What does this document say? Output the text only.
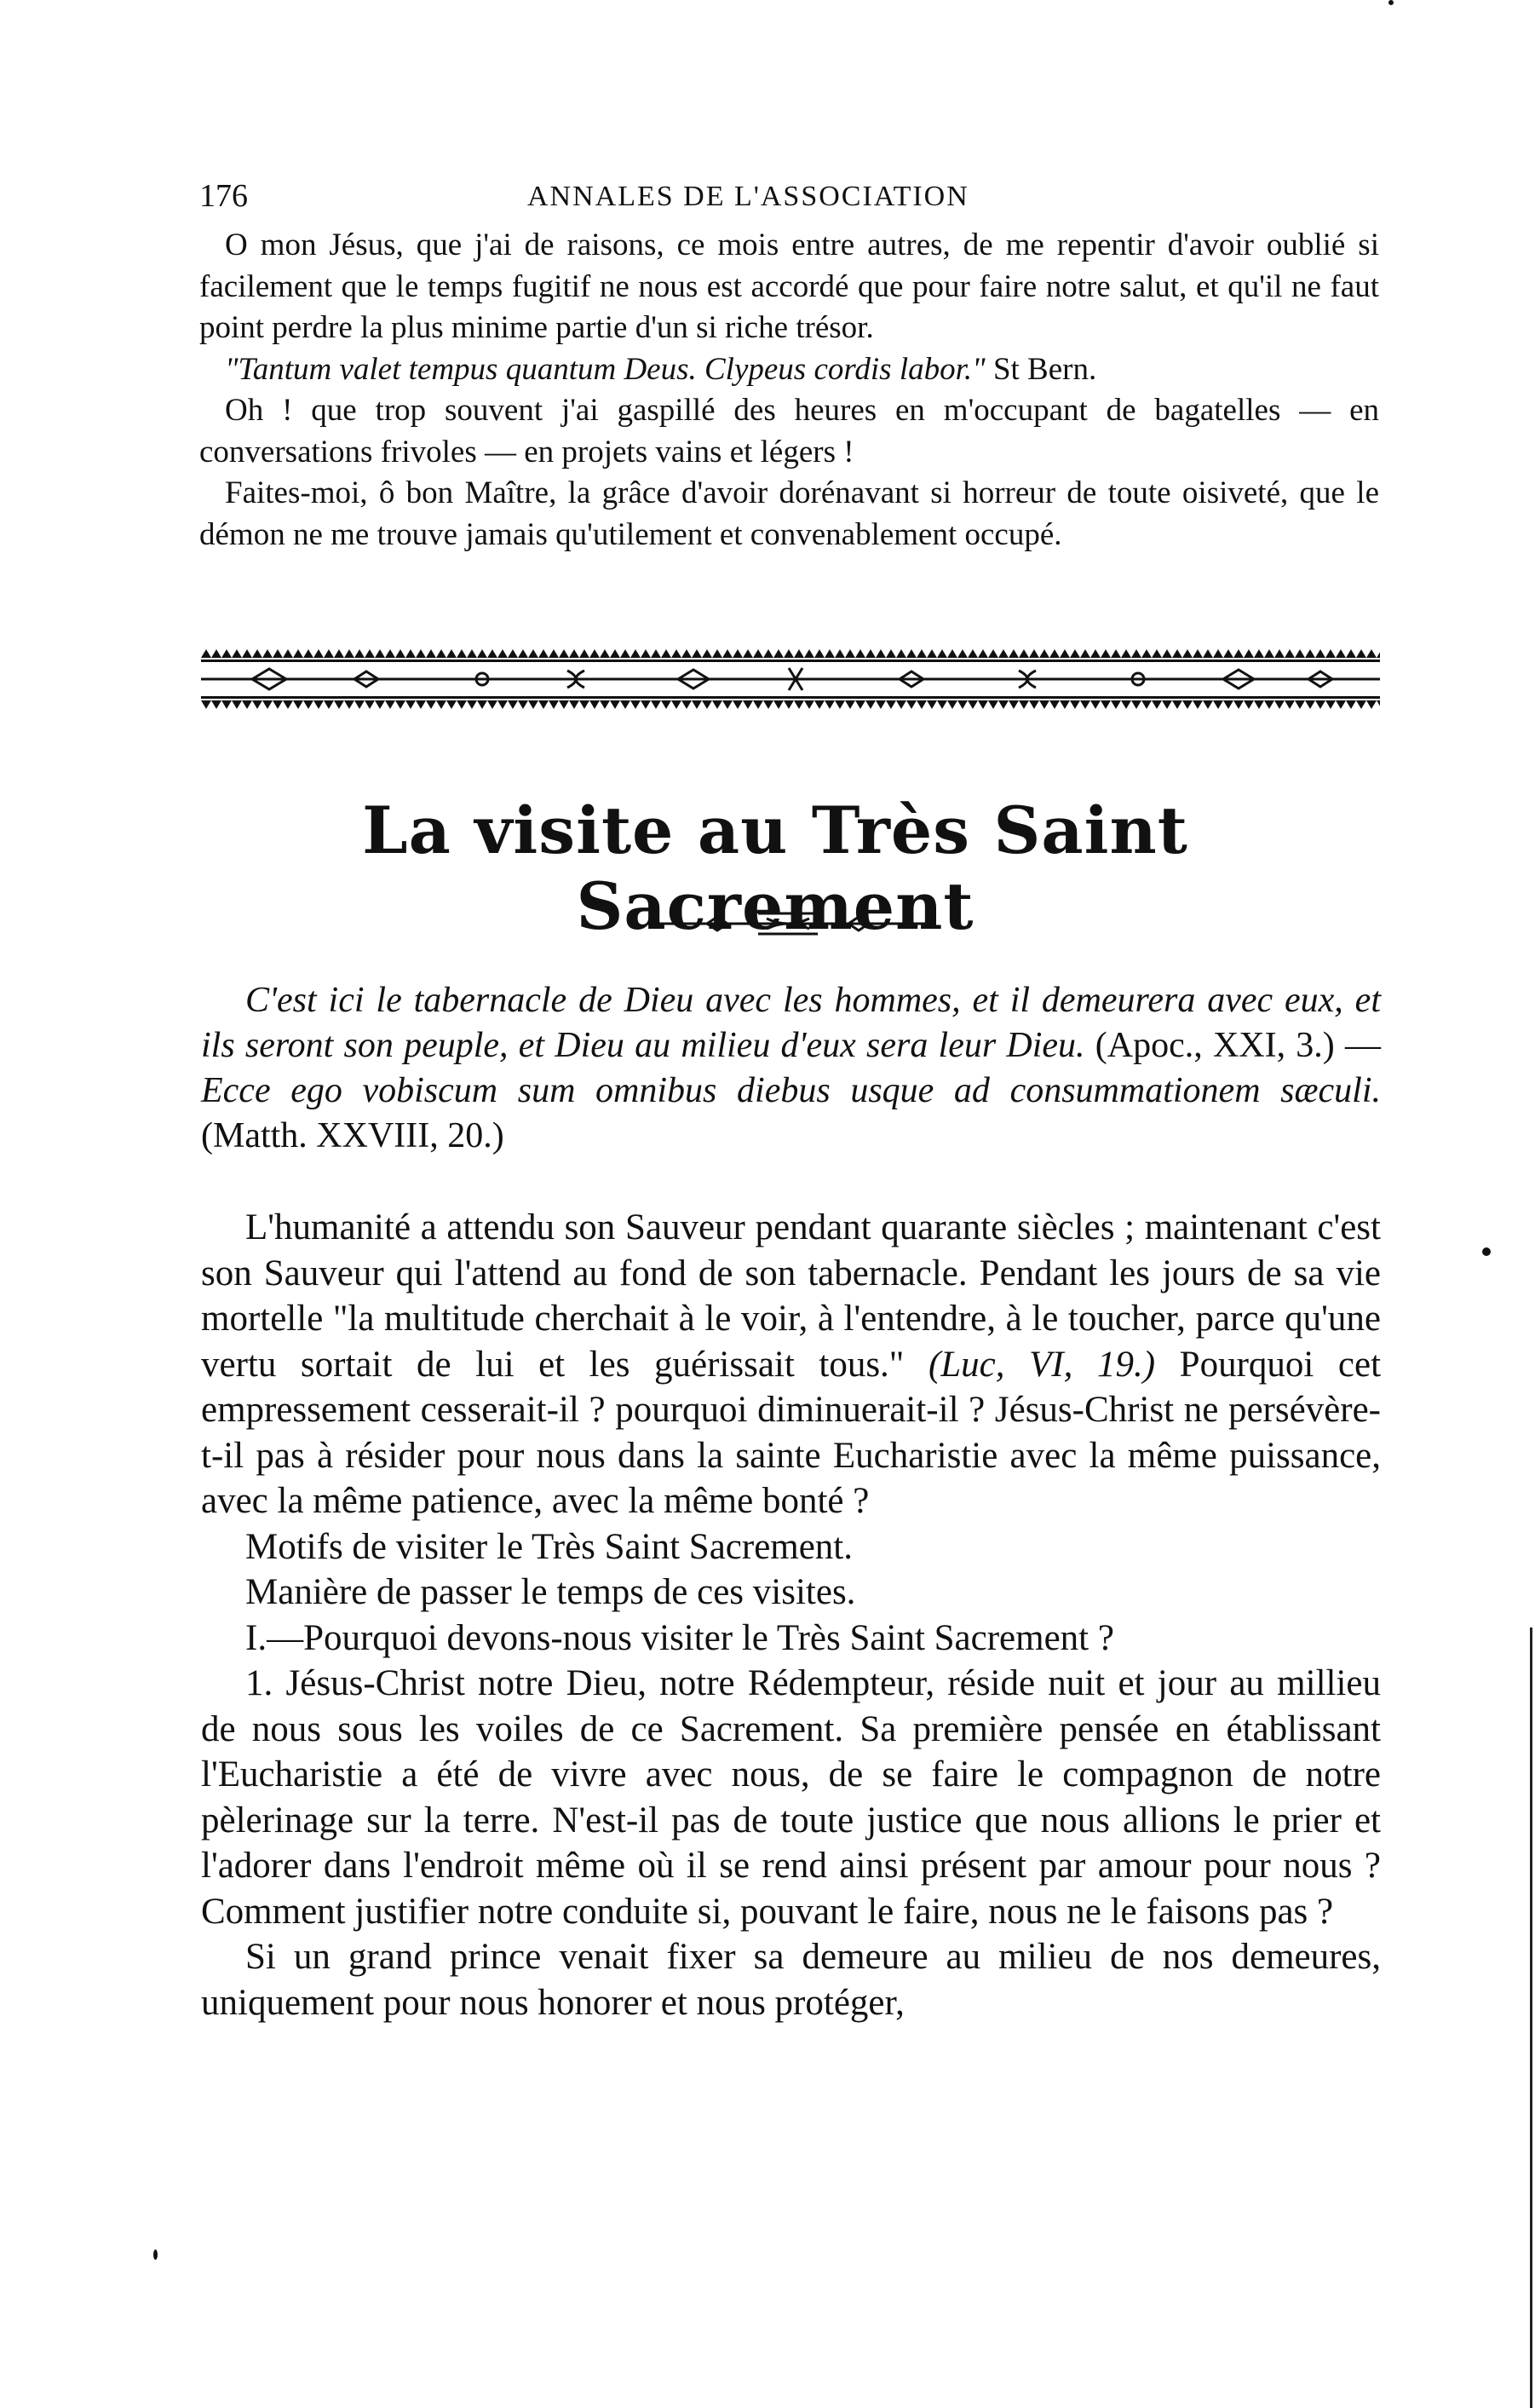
176	ANNALES DE L'ASSOCIATION

O mon Jésus, que j'ai de raisons, ce mois entre autres, de me repentir d'avoir oublié si facilement que le temps fugitif ne nous est accordé que pour faire notre salut, et qu'il ne faut point perdre la plus minime partie d'un si riche trésor.

"Tantum valet tempus quantum Deus. Clypeus cordis labor." St Bern.

Oh ! que trop souvent j'ai gaspillé des heures en m'occupant de bagatelles — en conversations frivoles — en projets vains et légers !

Faites-moi, ô bon Maître, la grâce d'avoir dorénavant si horreur de toute oisiveté, que le démon ne me trouve jamais qu'utilement et convenablement occupé.

La visite au Très Saint Sacrement

C'est ici le tabernacle de Dieu avec les hommes, et il demeurera avec eux, et ils seront son peuple, et Dieu au milieu d'eux sera leur Dieu. (Apoc., XXI, 3.) — Ecce ego vobiscum sum omnibus diebus usque ad consummationem sæculi. (Matth. XXVIII, 20.)

L'humanité a attendu son Sauveur pendant quarante siècles ; maintenant c'est son Sauveur qui l'attend au fond de son tabernacle. Pendant les jours de sa vie mortelle "la multitude cherchait à le voir, à l'entendre, à le toucher, parce qu'une vertu sortait de lui et les guérissait tous." (Luc, VI, 19.) Pourquoi cet empressement cesserait-il ? pourquoi diminuerait-il ? Jésus-Christ ne persévère-t-il pas à résider pour nous dans la sainte Eucharistie avec la même puissance, avec la même patience, avec la même bonté ?

Motifs de visiter le Très Saint Sacrement.

Manière de passer le temps de ces visites.

I.—Pourquoi devons-nous visiter le Très Saint Sacrement ?

1. Jésus-Christ notre Dieu, notre Rédempteur, réside nuit et jour au millieu de nous sous les voiles de ce Sacrement. Sa première pensée en établissant l'Eucharistie a été de vivre avec nous, de se faire le compagnon de notre pèlerinage sur la terre. N'est-il pas de toute justice que nous allions le prier et l'adorer dans l'endroit même où il se rend ainsi présent par amour pour nous ? Comment justifier notre conduite si, pouvant le faire, nous ne le faisons pas ?

Si un grand prince venait fixer sa demeure au milieu de nos demeures, uniquement pour nous honorer et nous protéger,
